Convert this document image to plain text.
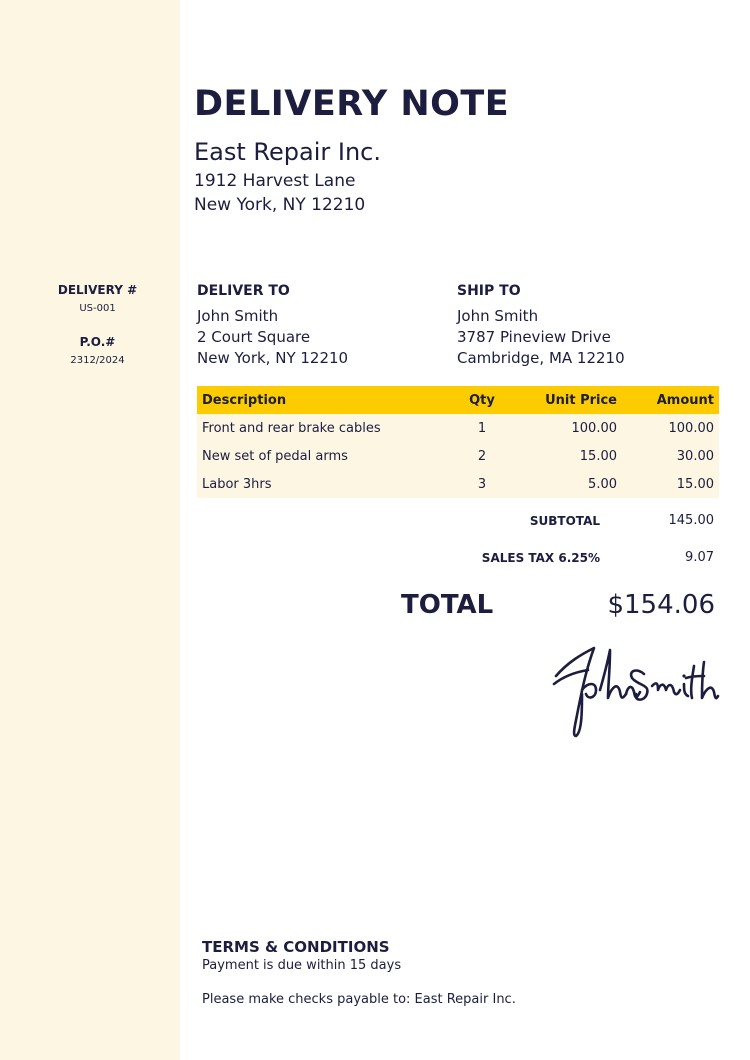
DELIVERY #
US-001
P.O.#
2312/2024
DELIVERY NOTE
East Repair Inc.
1912 Harvest Lane
New York, NY 12210
DELIVER TO
John Smith
2 Court Square
New York, NY 12210
SHIP TO
John Smith
3787 Pineview Drive
Cambridge, MA 12210
Description	Qty	Unit Price	Amount
Front and rear brake cables	1	100.00	100.00
New set of pedal arms	2	15.00	30.00
Labor 3hrs	3	5.00	15.00
SUBTOTAL	145.00
SALES TAX 6.25%	9.07
TOTAL	$154.06
TERMS & CONDITIONS
Payment is due within 15 days
Please make checks payable to: East Repair Inc.
